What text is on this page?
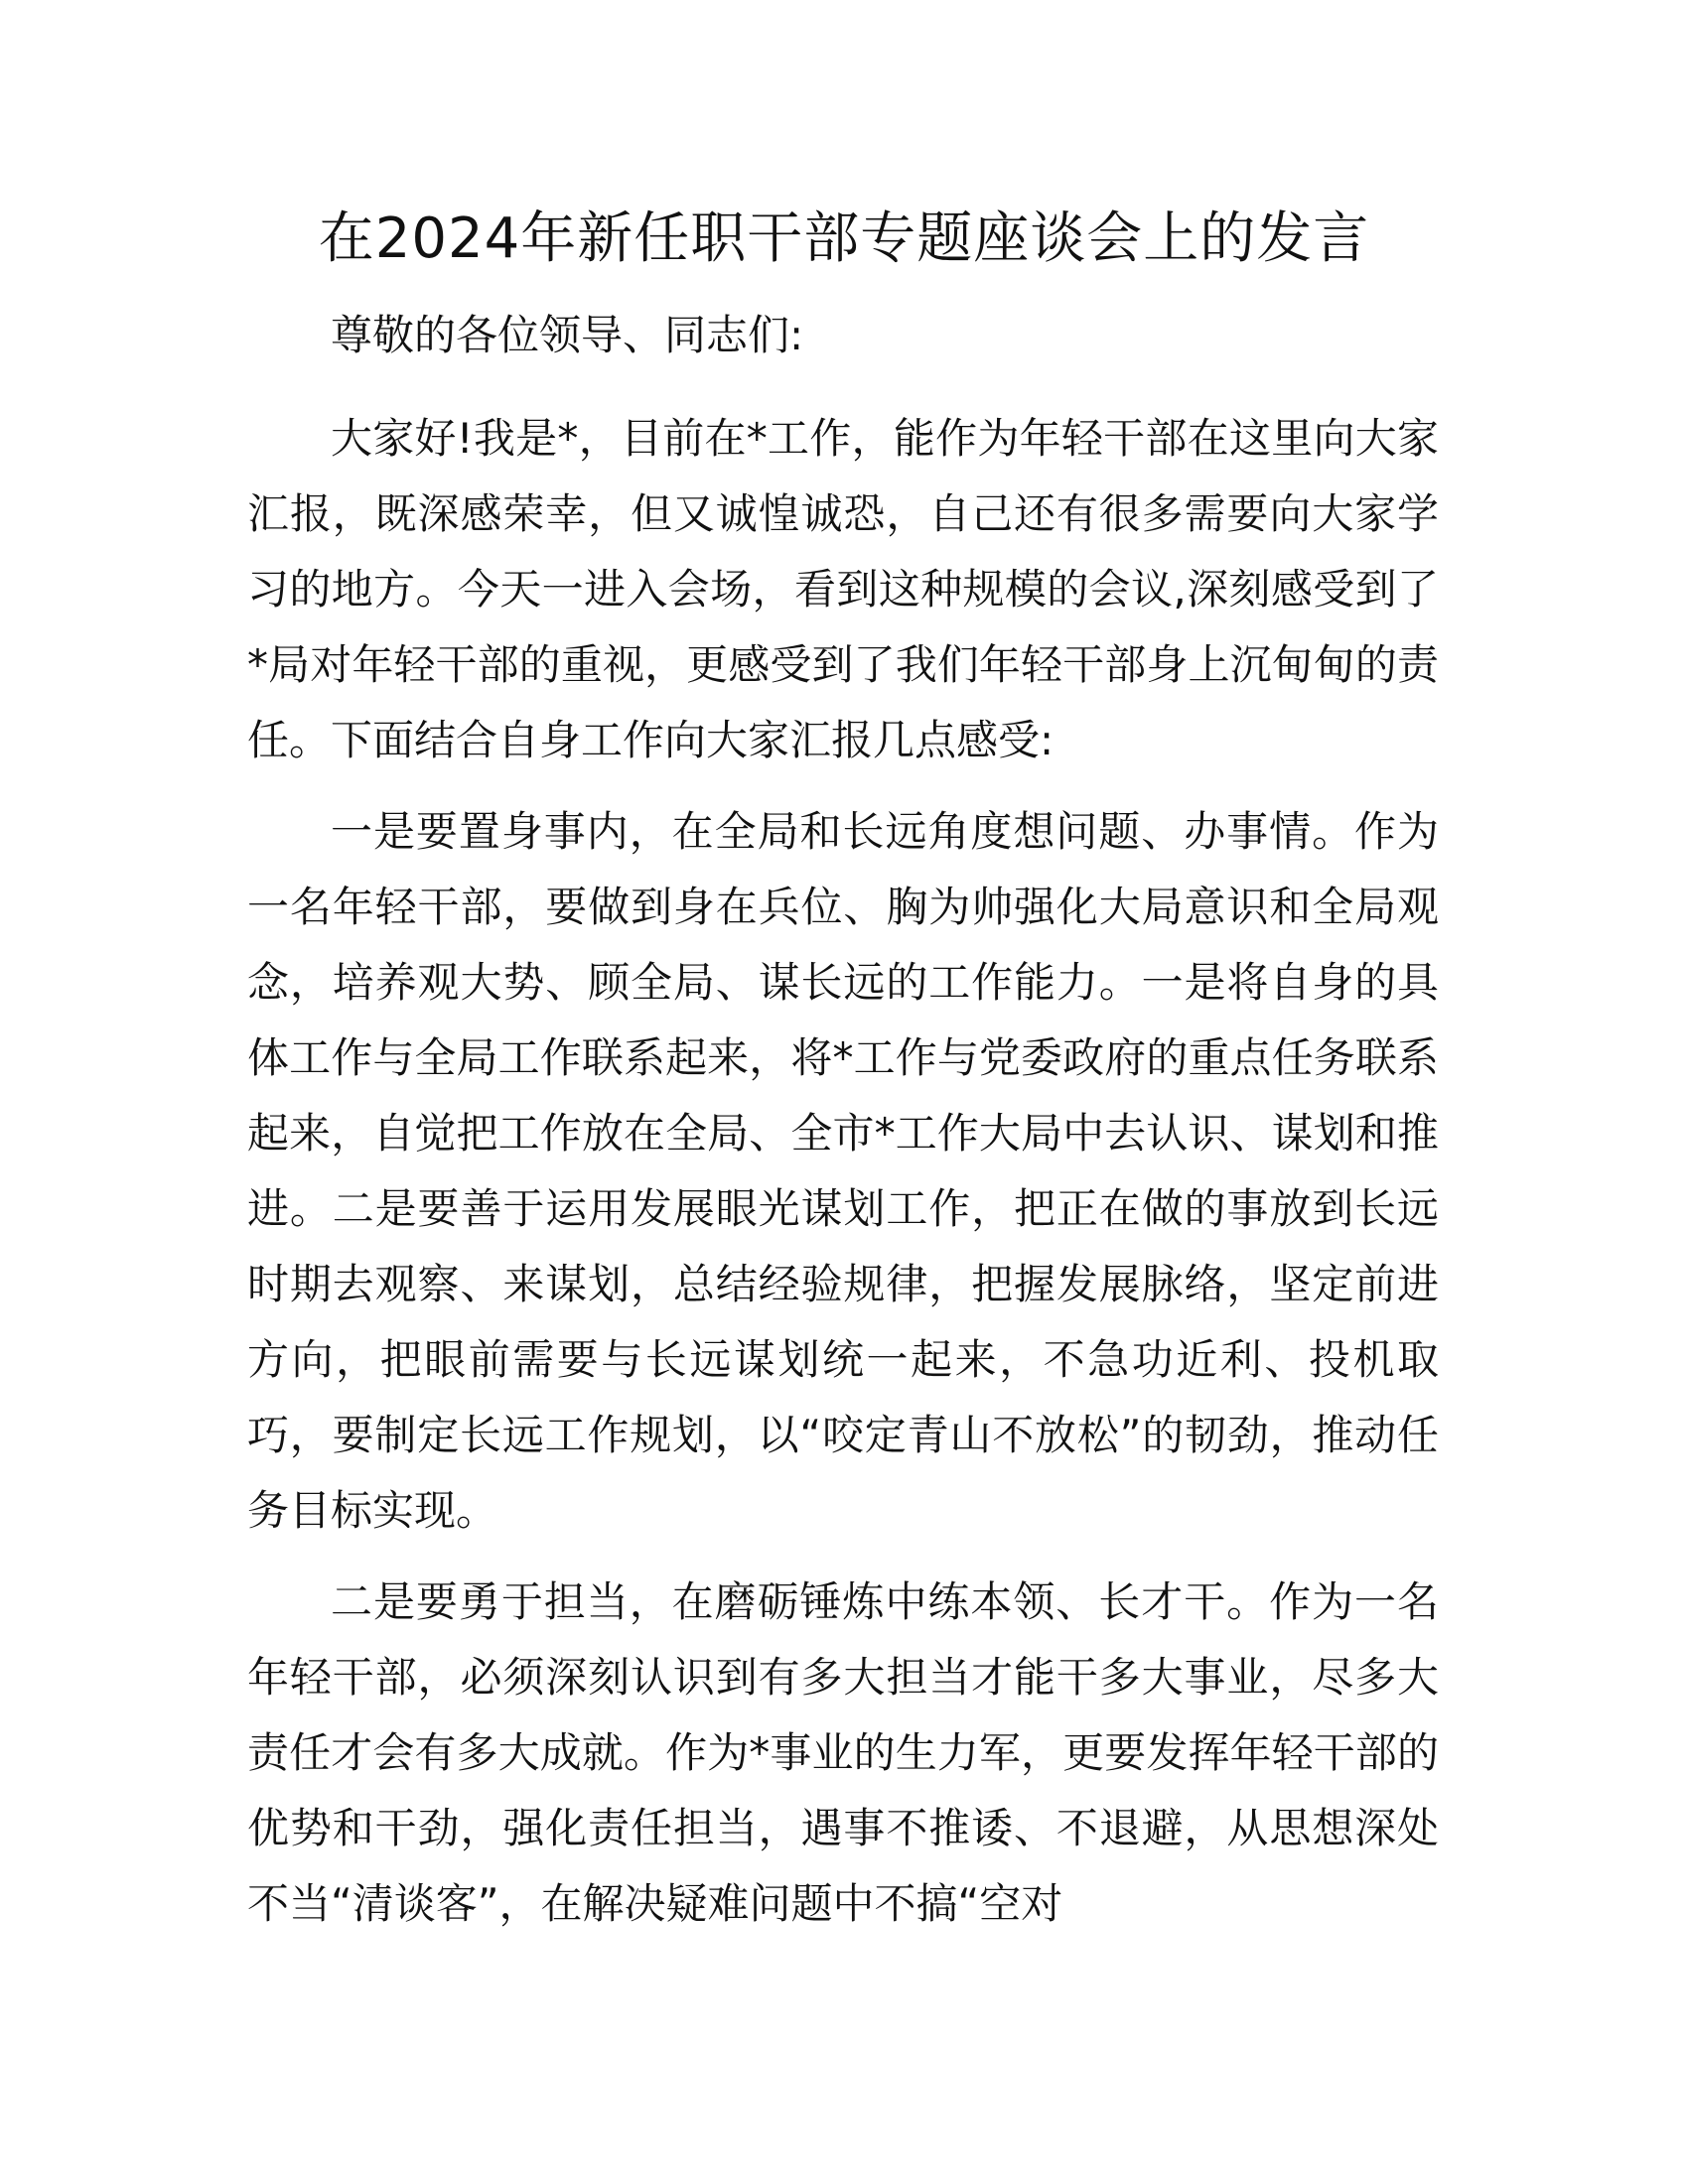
在2024年新任职干部专题座谈会上的发言

尊敬的各位领导、同志们:

大家好!我是*，目前在*工作，能作为年轻干部在这里向大家汇报，既深感荣幸，但又诚惶诚恐，自己还有很多需要向大家学习的地方。今天一进入会场，看到这种规模的会议,深刻感受到了*局对年轻干部的重视，更感受到了我们年轻干部身上沉甸甸的责任。下面结合自身工作向大家汇报几点感受:

一是要置身事内，在全局和长远角度想问题、办事情。作为一名年轻干部，要做到身在兵位、胸为帅强化大局意识和全局观念，培养观大势、顾全局、谋长远的工作能力。一是将自身的具体工作与全局工作联系起来，将*工作与党委政府的重点任务联系起来，自觉把工作放在全局、全市*工作大局中去认识、谋划和推进。二是要善于运用发展眼光谋划工作，把正在做的事放到长远时期去观察、来谋划，总结经验规律，把握发展脉络，坚定前进方向，把眼前需要与长远谋划统一起来，不急功近利、投机取巧，要制定长远工作规划，以“咬定青山不放松”的韧劲，推动任务目标实现。

二是要勇于担当，在磨砺锤炼中练本领、长才干。作为一名年轻干部，必须深刻认识到有多大担当才能干多大事业，尽多大责任才会有多大成就。作为*事业的生力军，更要发挥年轻干部的优势和干劲，强化责任担当，遇事不推诿、不退避，从思想深处不当“清谈客”，在解决疑难问题中不搞“空对
